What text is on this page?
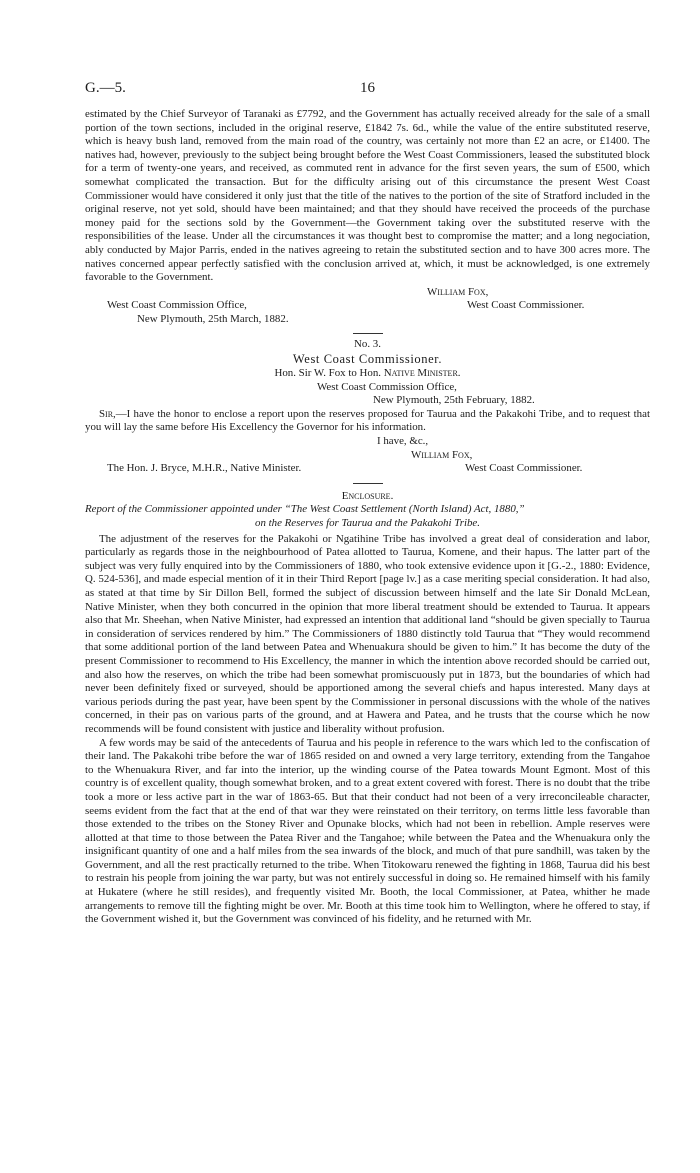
G.—5.	16

estimated by the Chief Surveyor of Taranaki as £7792, and the Government has actually received already for the sale of a small portion of the town sections, included in the original reserve, £1842 7s. 6d., while the value of the entire substituted reserve, which is heavy bush land, removed from the main road of the country, was certainly not more than £2 an acre, or £1400. The natives had, however, previously to the subject being brought before the West Coast Commissioners, leased the substituted block for a term of twenty-one years, and received, as commuted rent in advance for the first seven years, the sum of £500, which somewhat complicated the transaction. But for the difficulty arising out of this circumstance the present West Coast Commissioner would have considered it only just that the title of the natives to the portion of the site of Stratford included in the original reserve, not yet sold, should have been maintained; and that they should have received the proceeds of the purchase money paid for the sections sold by the Government—the Government taking over the substituted reserve with the responsibilities of the lease. Under all the circumstances it was thought best to compromise the matter; and a long negociation, ably conducted by Major Parris, ended in the natives agreeing to retain the substituted section and to have 300 acres more. The natives concerned appear perfectly satisfied with the conclusion arrived at, which, it must be acknowledged, is one extremely favorable to the Government.

William Fox,
West Coast Commission Office,	West Coast Commissioner.
New Plymouth, 25th March, 1882.
No. 3.
West Coast Commissioner.
Hon. Sir W. Fox to Hon. Native Minister.
West Coast Commission Office,
New Plymouth, 25th February, 1882.

Sir,—I have the honor to enclose a report upon the reserves proposed for Taurua and the Pakakohi Tribe, and to request that you will lay the same before His Excellency the Governor for his information.

I have, &c.,
William Fox,
The Hon. J. Bryce, M.H.R., Native Minister.	West Coast Commissioner.
Enclosure.

Report of the Commissioner appointed under “The West Coast Settlement (North Island) Act, 1880,”

on the Reserves for Taurua and the Pakakohi Tribe.

The adjustment of the reserves for the Pakakohi or Ngatihine Tribe has involved a great deal of consideration and labor, particularly as regards those in the neighbourhood of Patea allotted to Taurua, Komene, and their hapus. The latter part of the subject was very fully enquired into by the Commissioners of 1880, who took extensive evidence upon it [G.-2., 1880: Evidence, Q. 524-536], and made especial mention of it in their Third Report [page lv.] as a case meriting special consideration. It had also, as stated at that time by Sir Dillon Bell, formed the subject of discussion between himself and the late Sir Donald McLean, Native Minister, when they both concurred in the opinion that more liberal treatment should be extended to Taurua. It appears also that Mr. Sheehan, when Native Minister, had expressed an intention that additional land “should be given specially to Taurua in consideration of services rendered by him.” The Commissioners of 1880 distinctly told Taurua that “They would recommend that some additional portion of the land between Patea and Whenuakura should be given to him.” It has become the duty of the present Commissioner to recommend to His Excellency, the manner in which the intention above recorded should be carried out, and also how the reserves, on which the tribe had been somewhat promiscuously put in 1873, but the boundaries of which had never been definitely fixed or surveyed, should be apportioned among the several chiefs and hapus interested. Many days at various periods during the past year, have been spent by the Commissioner in personal discussions with the whole of the natives concerned, in their pas on various parts of the ground, and at Hawera and Patea, and he trusts that the course which he now recommends will be found consistent with justice and liberality without profusion.

A few words may be said of the antecedents of Taurua and his people in reference to the wars which led to the confiscation of their land. The Pakakohi tribe before the war of 1865 resided on and owned a very large territory, extending from the Tangahoe to the Whenuakura River, and far into the interior, up the winding course of the Patea towards Mount Egmont. Most of this country is of excellent quality, though somewhat broken, and to a great extent covered with forest. There is no doubt that the tribe took a more or less active part in the war of 1863-65. But that their conduct had not been of a very irreconcileable character, seems evident from the fact that at the end of that war they were reinstated on their territory, on terms little less favorable than those extended to the tribes on the Stoney River and Opunake blocks, which had not been in rebellion. Ample reserves were allotted at that time to those between the Patea River and the Tangahoe; while between the Patea and the Whenuakura only the insignificant quantity of one and a half miles from the sea inwards of the block, and much of that pure sandhill, was taken by the Government, and all the rest practically returned to the tribe. When Titokowaru renewed the fighting in 1868, Taurua did his best to restrain his people from joining the war party, but was not entirely successful in doing so. He remained himself with his family at Hukatere (where he still resides), and frequently visited Mr. Booth, the local Commissioner, at Patea, whither he made arrangements to remove till the fighting might be over. Mr. Booth at this time took him to Wellington, where he offered to stay, if the Government wished it, but the Government was convinced of his fidelity, and he returned with Mr.
